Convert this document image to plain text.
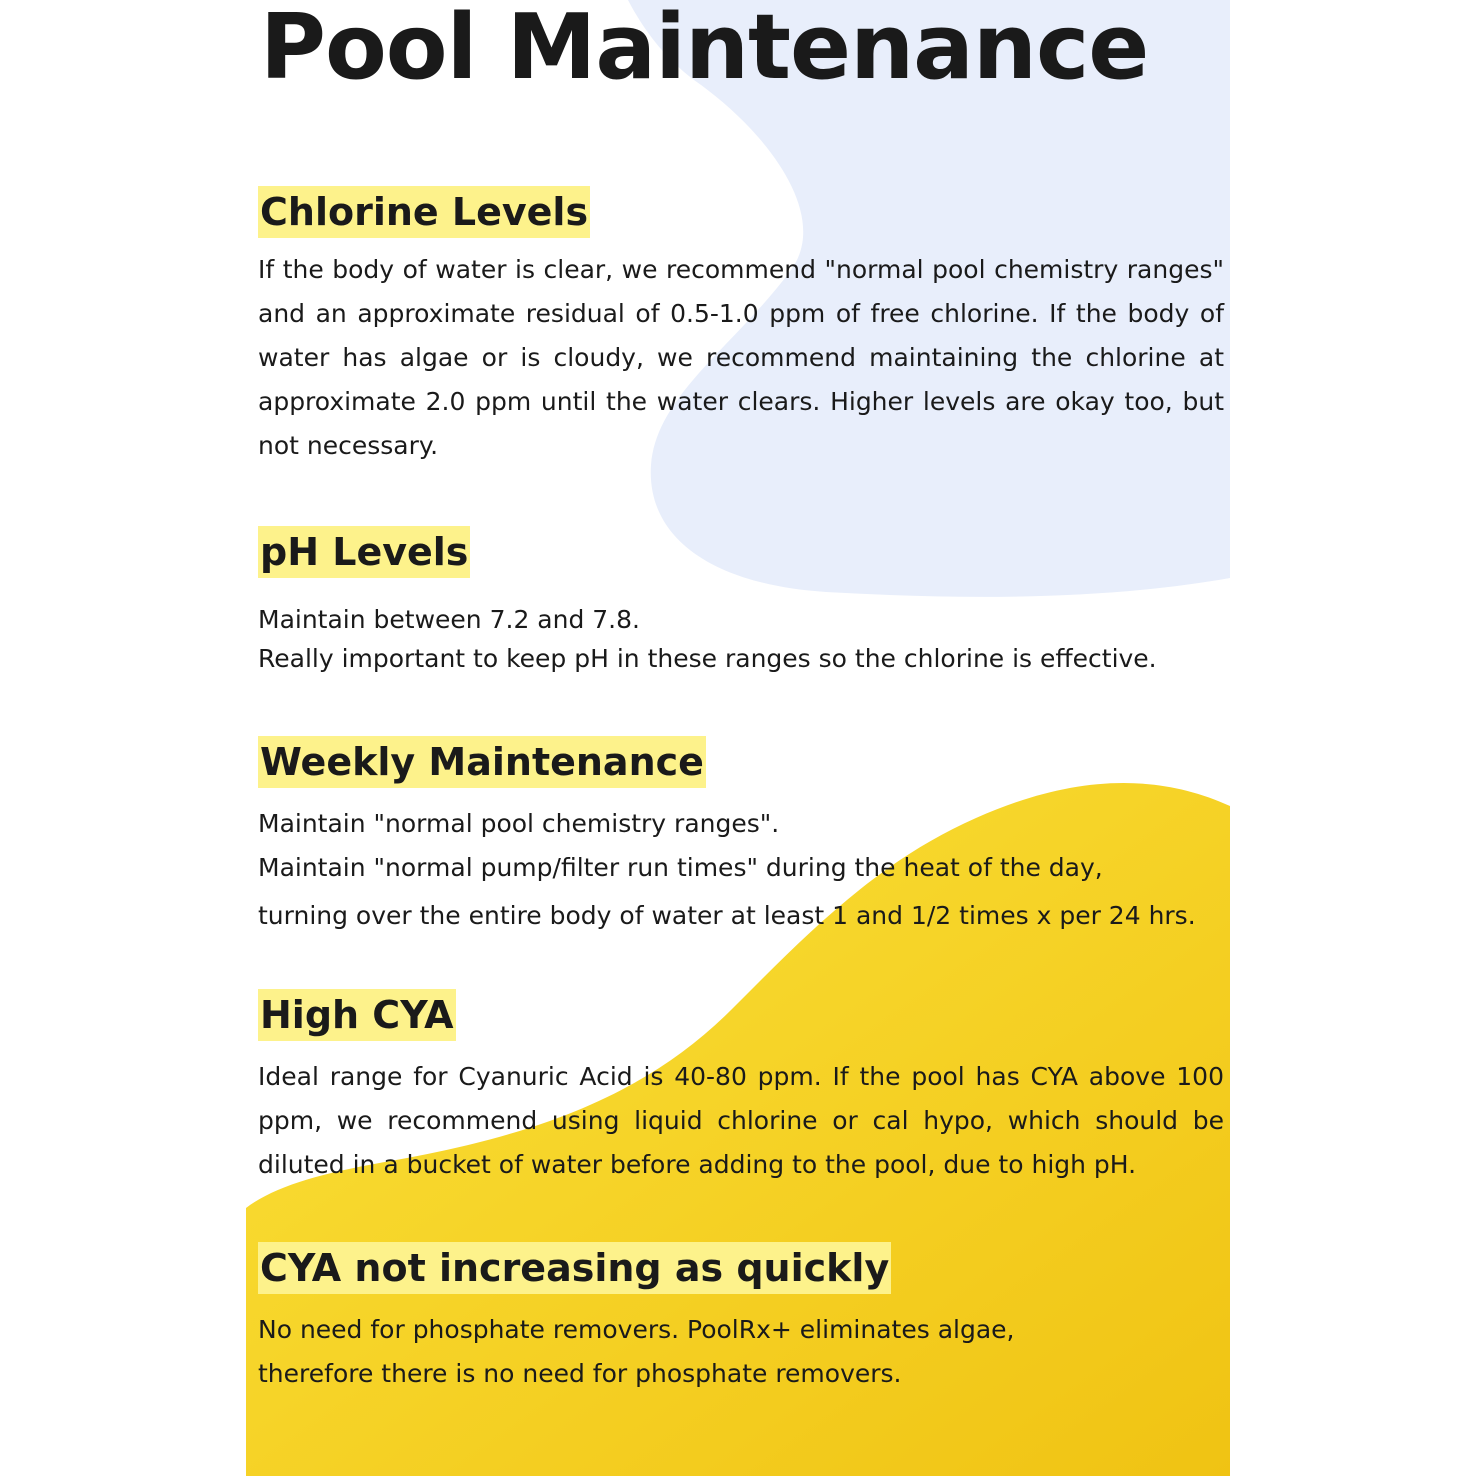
Pool Maintenance
Chlorine Levels

If the body of water is clear, we recommend "normal pool chemistry ranges" and an approximate residual of 0.5-1.0 ppm of free chlorine. If the body of water has algae or is cloudy, we recommend maintaining the chlorine at approximate 2.0 ppm until the water clears. Higher levels are okay too, but not necessary.

pH Levels

Maintain between 7.2 and 7.8.
Really important to keep pH in these ranges so the chlorine is effective.

Weekly Maintenance

Maintain "normal pool chemistry ranges".
Maintain "normal pump/filter run times" during the heat of the day,
turning over the entire body of water at least 1 and 1/2 times x per 24 hrs.

High CYA

Ideal range for Cyanuric Acid is 40-80 ppm. If the pool has CYA above 100 ppm, we recommend using liquid chlorine or cal hypo, which should be diluted in a bucket of water before adding to the pool, due to high pH.

CYA not increasing as quickly

No need for phosphate removers. PoolRx+ eliminates algae,
therefore there is no need for phosphate removers.
